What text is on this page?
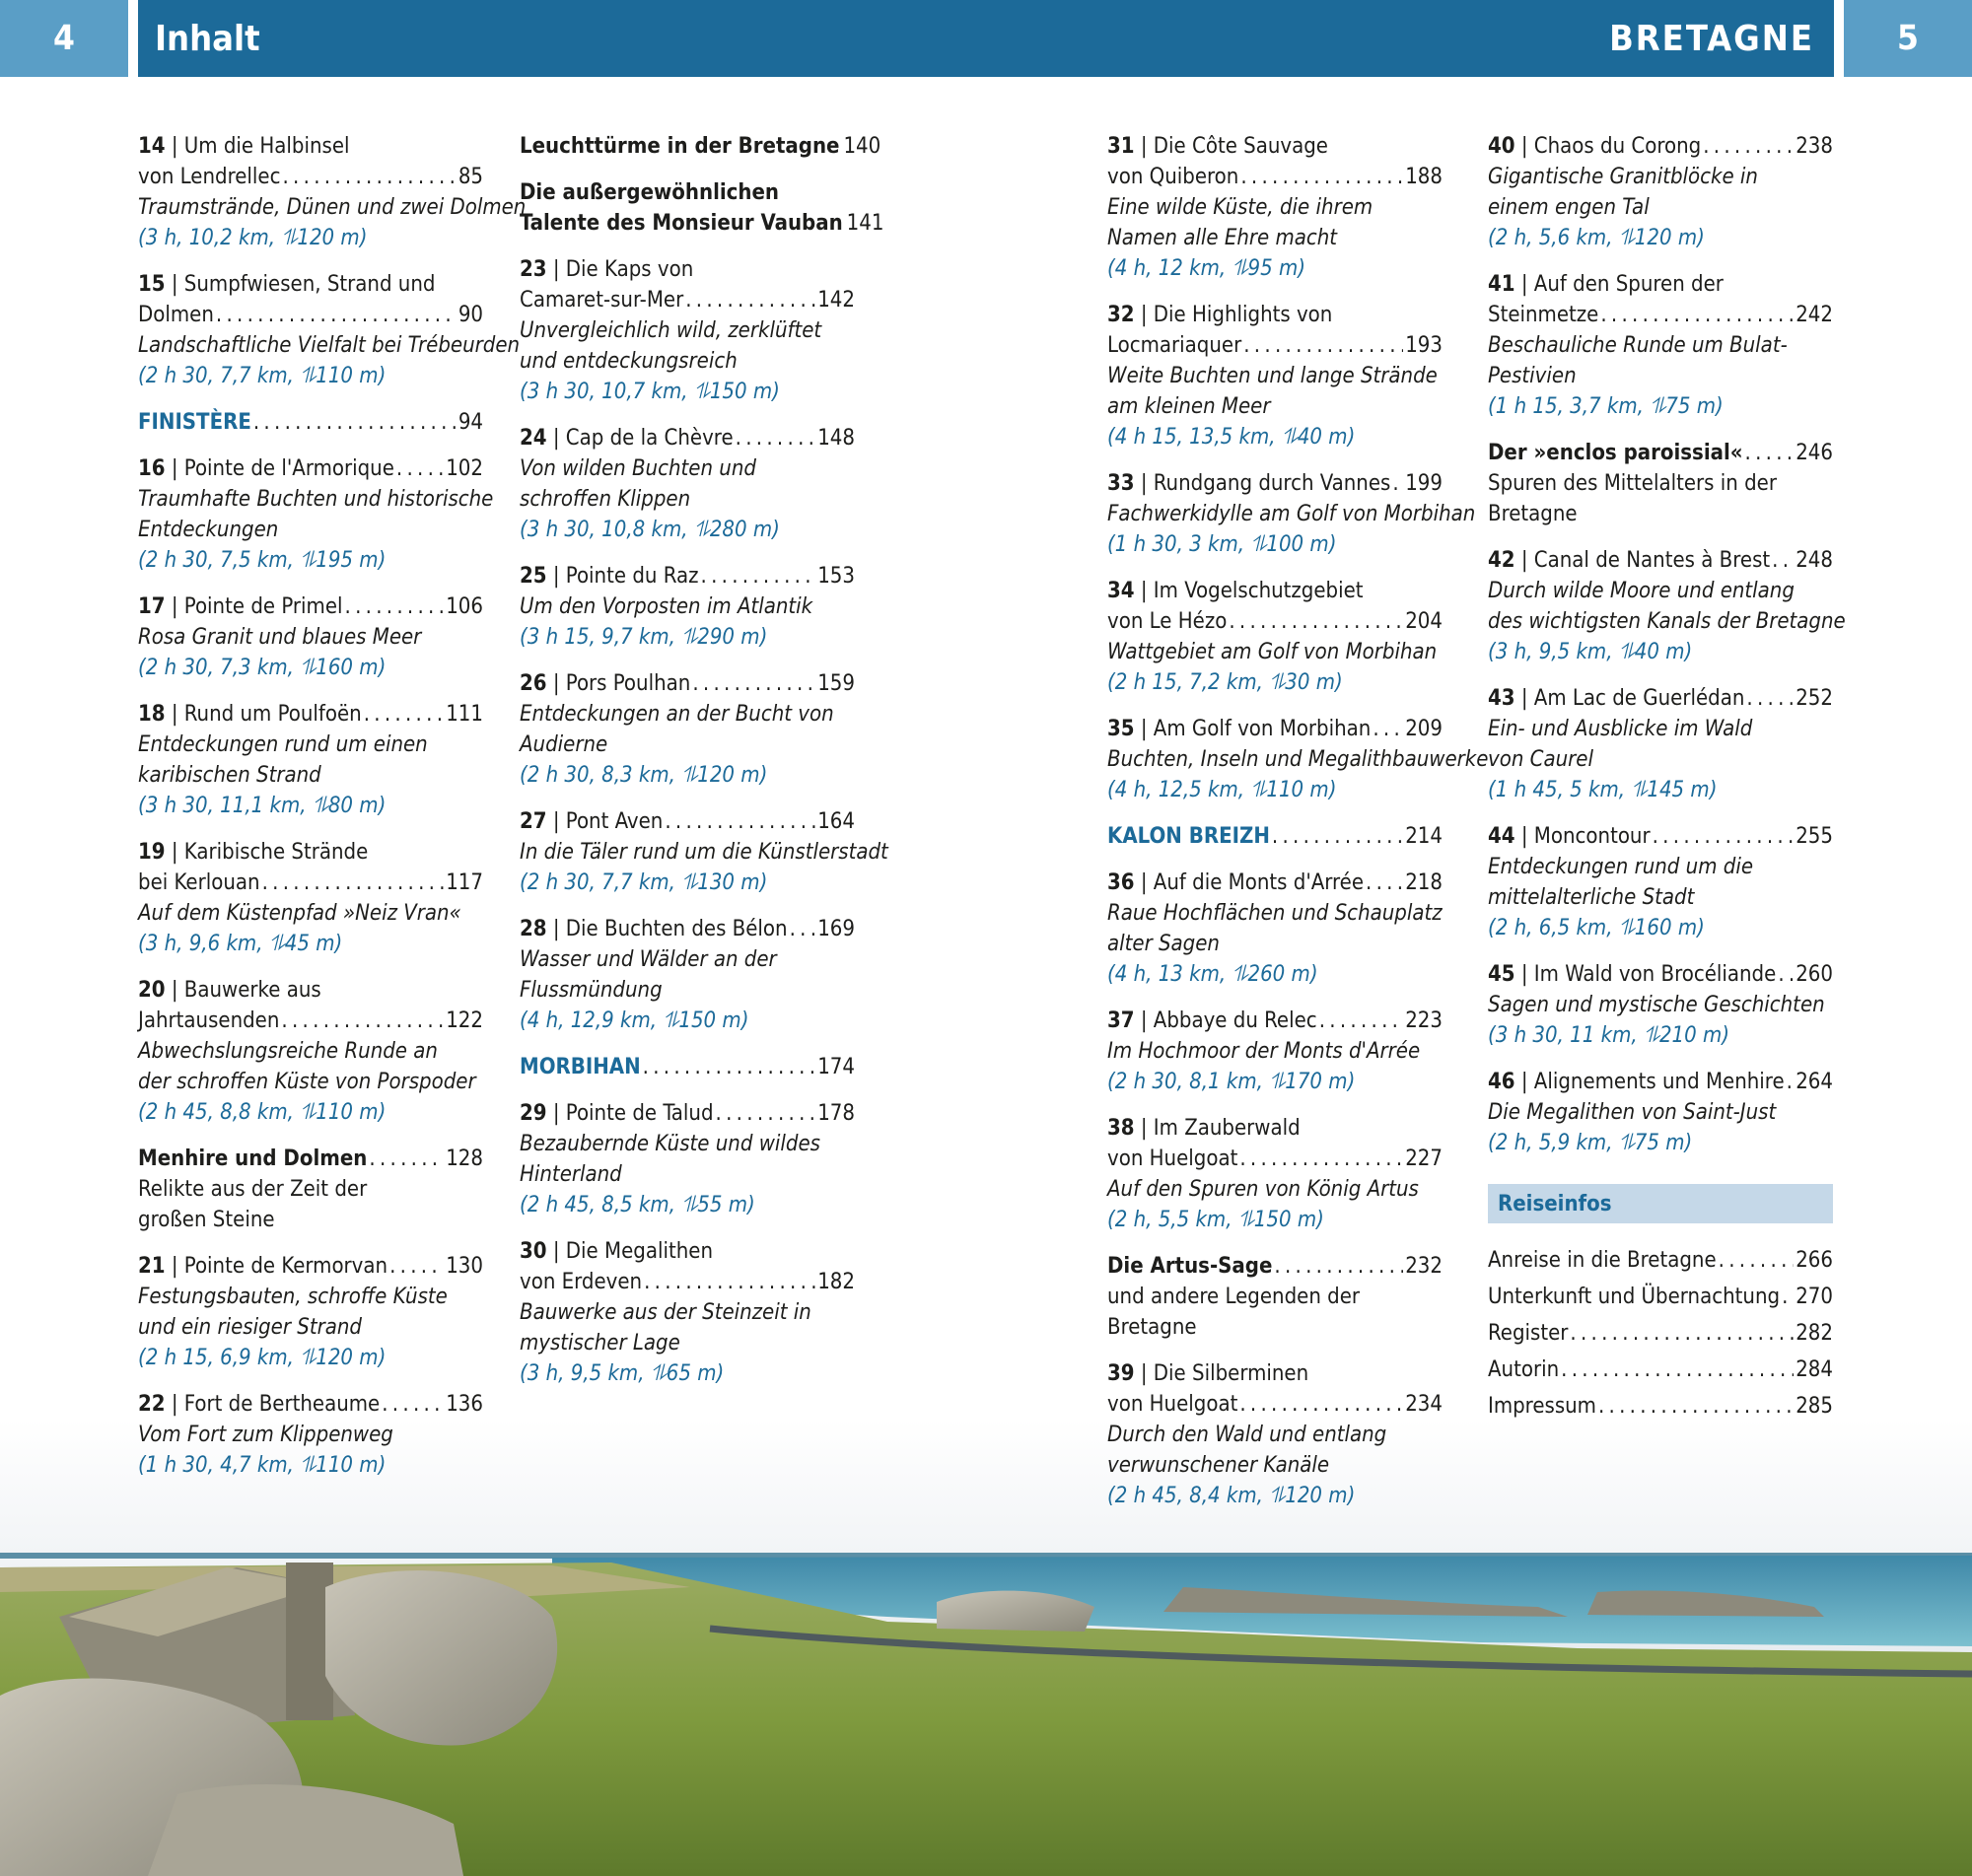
4	Inhalt	BRETAGNE	5
14 | Um die Halbinsel
von Lendrellec . . .	85
Traumstrände, Dünen und zwei Dolmen
(3 h, 10,2 km, ⥮120 m)
15 | Sumpfwiesen, Strand und
Dolmen . . .	90
Landschaftliche Vielfalt bei Trébeurden
(2 h 30, 7,7 km, ⥮110 m)
FINISTÈRE . . .	94
16 | Pointe de l'Armorique . . . 102
Traumhafte Buchten und historische
Entdeckungen
(2 h 30, 7,5 km, ⥮195 m)
17 | Pointe de Primel . . .	106
Rosa Granit und blaues Meer
(2 h 30, 7,3 km, ⥮160 m)
18 | Rund um Poulfoën . . .	111
Entdeckungen rund um einen
karibischen Strand
(3 h 30, 11,1 km, ⥮80 m)
19 | Karibische Strände
bei Kerlouan . . .	117
Auf dem Küstenpfad »Neiz Vran«
(3 h, 9,6 km, ⥮45 m)
20 | Bauwerke aus
Jahrtausenden . . .	122
Abwechslungsreiche Runde an
der schroffen Küste von Porspoder
(2 h 45, 8,8 km, ⥮110 m)
Menhire und Dolmen . . .	128
Relikte aus der Zeit der
großen Steine
21 | Pointe de Kermorvan . . .	130
Festungsbauten, schroffe Küste
und ein riesiger Strand
(2 h 15, 6,9 km, ⥮120 m)
22 | Fort de Bertheaume . . .	136
Vom Fort zum Klippenweg
(1 h 30, 4,7 km, ⥮110 m)
Leuchttürme in der Bretagne 140
Die außergewöhnlichen
Talente des Monsieur Vauban 141
23 | Die Kaps von
Camaret-sur-Mer . . .	142
Unvergleichlich wild, zerklüftet
und entdeckungsreich
(3 h 30, 10,7 km, ⥮150 m)
24 | Cap de la Chèvre . . .	148
Von wilden Buchten und
schroffen Klippen
(3 h 30, 10,8 km, ⥮280 m)
25 | Pointe du Raz . . .	153
Um den Vorposten im Atlantik
(3 h 15, 9,7 km, ⥮290 m)
26 | Pors Poulhan . . .	159
Entdeckungen an der Bucht von
Audierne
(2 h 30, 8,3 km, ⥮120 m)
27 | Pont Aven . . .	164
In die Täler rund um die Künstlerstadt
(2 h 30, 7,7 km, ⥮130 m)
28 | Die Buchten des Bélon . . . 169
Wasser und Wälder an der
Flussmündung
(4 h, 12,9 km, ⥮150 m)
MORBIHAN . . .	174
29 | Pointe de Talud . . .	178
Bezaubernde Küste und wildes
Hinterland
(2 h 45, 8,5 km, ⥮55 m)
30 | Die Megalithen
von Erdeven . . .	182
Bauwerke aus der Steinzeit in
mystischer Lage
(3 h, 9,5 km, ⥮65 m)
31 | Die Côte Sauvage
von Quiberon . . .	188
Eine wilde Küste, die ihrem
Namen alle Ehre macht
(4 h, 12 km, ⥮95 m)
32 | Die Highlights von
Locmariaquer . . .	193
Weite Buchten und lange Strände
am kleinen Meer
(4 h 15, 13,5 km, ⥮40 m)
33 | Rundgang durch Vannes . . . 199
Fachwerkidylle am Golf von Morbihan
(1 h 30, 3 km, ⥮100 m)
34 | Im Vogelschutzgebiet
von Le Hézo . . .	204
Wattgebiet am Golf von Morbihan
(2 h 15, 7,2 km, ⥮30 m)
35 | Am Golf von Morbihan . . . 209
Buchten, Inseln und Megalithbauwerke
(4 h, 12,5 km, ⥮110 m)
KALON BREIZH . . .	214
36 | Auf die Monts d'Arrée . . . 218
Raue Hochflächen und Schauplatz
alter Sagen
(4 h, 13 km, ⥮260 m)
37 | Abbaye du Relec . . .	223
Im Hochmoor der Monts d'Arrée
(2 h 30, 8,1 km, ⥮170 m)
38 | Im Zauberwald
von Huelgoat . . .	227
Auf den Spuren von König Artus
(2 h, 5,5 km, ⥮150 m)
Die Artus-Sage . . .	232
und andere Legenden der Bretagne
39 | Die Silberminen
von Huelgoat . . .	234
Durch den Wald und entlang
verwunschener Kanäle
(2 h 45, 8,4 km, ⥮120 m)
40 | Chaos du Corong . . .	238
Gigantische Granitblöcke in
einem engen Tal
(2 h, 5,6 km, ⥮120 m)
41 | Auf den Spuren der
Steinmetze . . .	242
Beschauliche Runde um Bulat-
Pestivien
(1 h 15, 3,7 km, ⥮75 m)
Der »enclos paroissial« . . . 246
Spuren des Mittelalters in der Bretagne
42 | Canal de Nantes à Brest . . . 248
Durch wilde Moore und entlang
des wichtigsten Kanals der Bretagne
(3 h, 9,5 km, ⥮40 m)
43 | Am Lac de Guerlédan . . . 252
Ein- und Ausblicke im Wald
von Caurel
(1 h 45, 5 km, ⥮145 m)
44 | Moncontour . . .	255
Entdeckungen rund um die
mittelalterliche Stadt
(2 h, 6,5 km, ⥮160 m)
45 | Im Wald von Brocéliande . . . 260
Sagen und mystische Geschichten
(3 h 30, 11 km, ⥮210 m)
46 | Alignements und Menhire . . . 264
Die Megalithen von Saint-Just
(2 h, 5,9 km, ⥮75 m)
Reiseinfos
Anreise in die Bretagne . . .	266
Unterkunft und Übernachtung . . . 270
Register . . .	282
Autorin . . .	284
Impressum . . .	285
